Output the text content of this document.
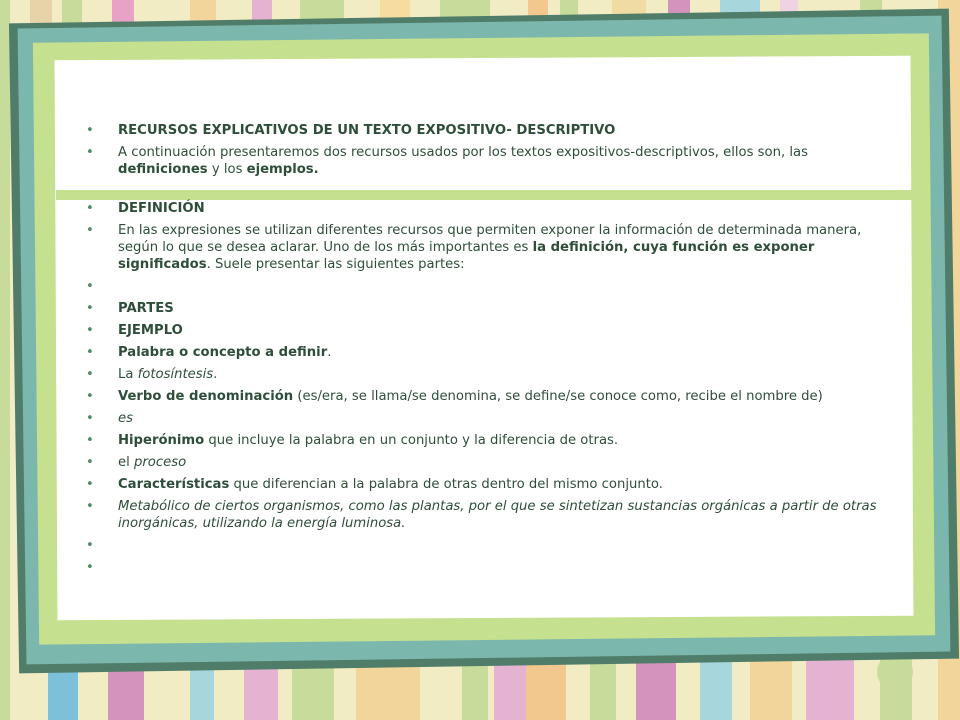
• RECURSOS EXPLICATIVOS DE UN TEXTO EXPOSITIVO- DESCRIPTIVO
• A continuación presentaremos dos recursos usados por los textos expositivos-descriptivos, ellos son, las definiciones y los ejemplos.
• DEFINICIÓN
• En las expresiones se utilizan diferentes recursos que permiten exponer la información de determinada manera, según lo que se desea aclarar. Uno de los más importantes es la definición, cuya función es exponer significados. Suele presentar las siguientes partes:
•
• PARTES
• EJEMPLO
• Palabra o concepto a definir.
• La fotosíntesis.
• Verbo de denominación (es/era, se llama/se denomina, se define/se conoce como, recibe el nombre de)
• es
• Hiperónimo que incluye la palabra en un conjunto y la diferencia de otras.
• el proceso
• Características que diferencian a la palabra de otras dentro del mismo conjunto.
• Metabólico de ciertos organismos, como las plantas, por el que se sintetizan sustancias orgánicas a partir de otras inorgánicas, utilizando la energía luminosa.
•
•
